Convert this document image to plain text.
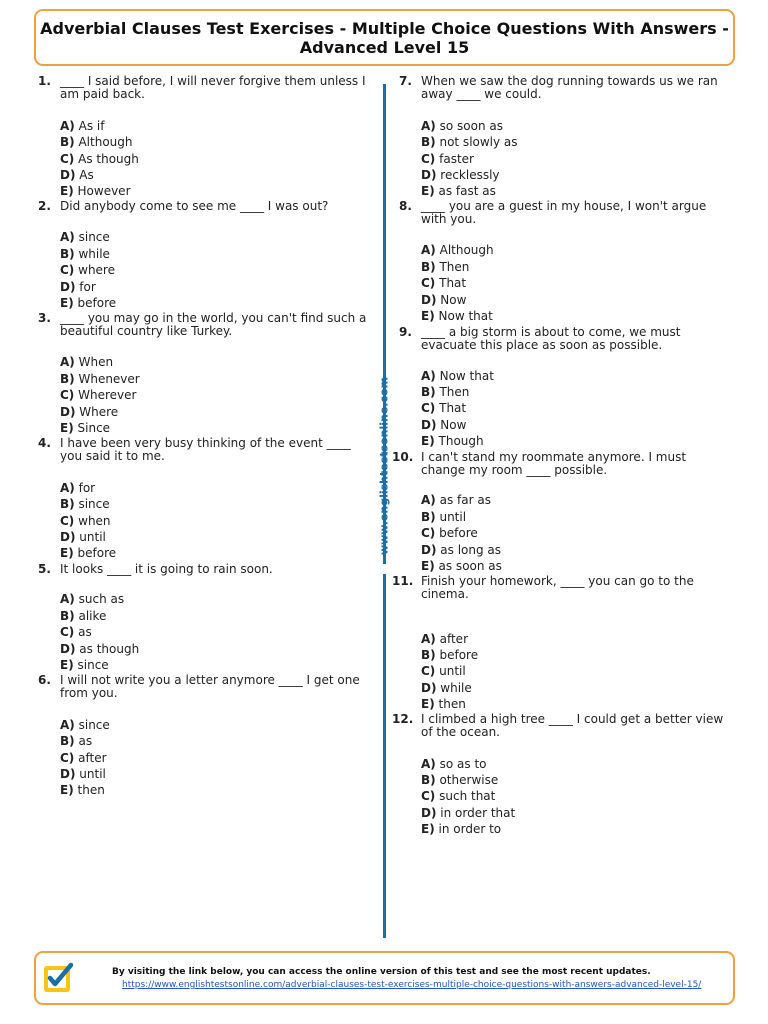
Adverbial Clauses Test Exercises - Multiple Choice Questions With Answers - Advanced Level 15
www.englishtestsonline.com
1. ____ I said before, I will never forgive them unless I am paid back.
A) As if
B) Although
C) As though
D) As
E) However
2. Did anybody come to see me ____ I was out?
A) since
B) while
C) where
D) for
E) before
3. ____ you may go in the world, you can't find such a beautiful country like Turkey.
A) When
B) Whenever
C) Wherever
D) Where
E) Since
4. I have been very busy thinking of the event ____ you said it to me.
A) for
B) since
C) when
D) until
E) before
5. It looks ____ it is going to rain soon.
A) such as
B) alike
C) as
D) as though
E) since
6. I will not write you a letter anymore ____ I get one from you.
A) since
B) as
C) after
D) until
E) then
7. When we saw the dog running towards us we ran away ____ we could.
A) so soon as
B) not slowly as
C) faster
D) recklessly
E) as fast as
8. ____ you are a guest in my house, I won't argue with you.
A) Although
B) Then
C) That
D) Now
E) Now that
9. ____ a big storm is about to come, we must evacuate this place as soon as possible.
A) Now that
B) Then
C) That
D) Now
E) Though
10. I can't stand my roommate anymore. I must change my room ____ possible.
A) as far as
B) until
C) before
D) as long as
E) as soon as
11. Finish your homework, ____ you can go to the cinema.
A) after
B) before
C) until
D) while
E) then
12. I climbed a high tree ____ I could get a better view of the ocean.
A) so as to
B) otherwise
C) such that
D) in order that
E) in order to
By visiting the link below, you can access the online version of this test and see the most recent updates.
https://www.englishtestsonline.com/adverbial-clauses-test-exercises-multiple-choice-questions-with-answers-advanced-level-15/
